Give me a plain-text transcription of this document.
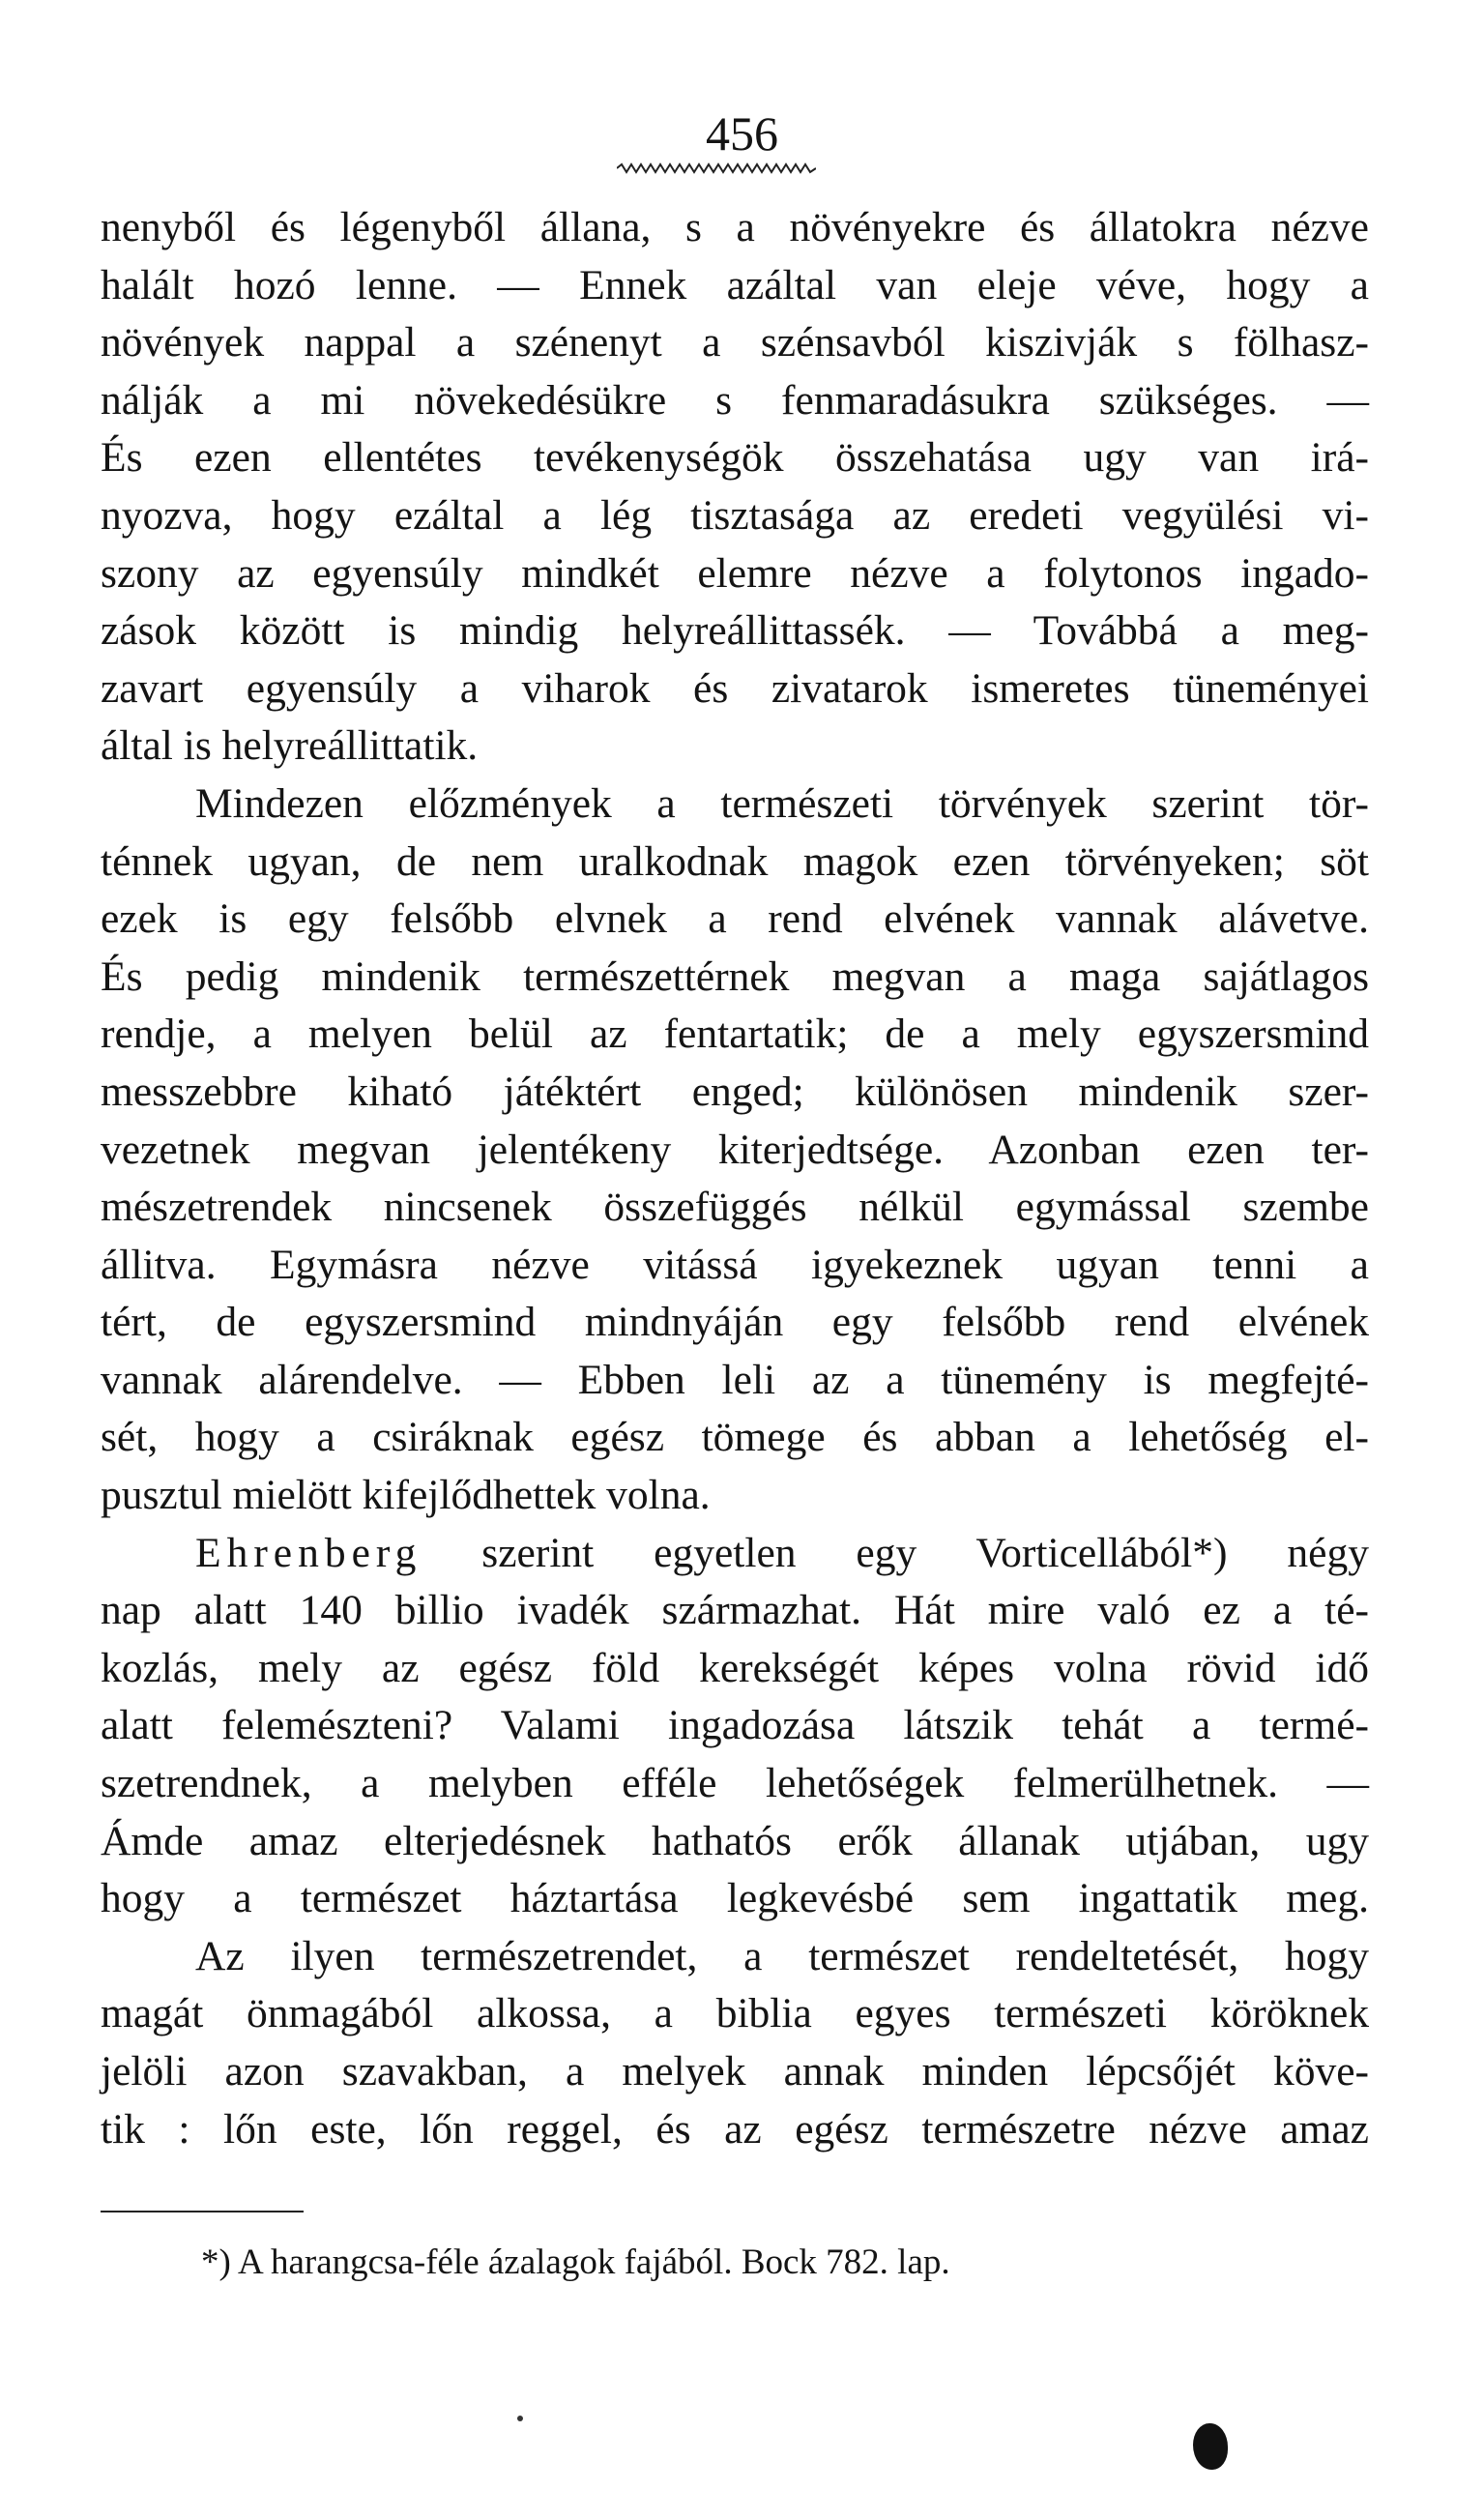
456
nenyből és légenyből állana, s a növényekre és állatokra nézve
halált hozó lenne. — Ennek azáltal van eleje véve, hogy a
növények nappal a szénenyt a szénsavból kiszivják s fölhasz-
nálják a mi növekedésükre s fenmaradásukra szükséges. —
És ezen ellentétes tevékenységök összehatása ugy van irá-
nyozva, hogy ezáltal a lég tisztasága az eredeti vegyülési vi-
szony az egyensúly mindkét elemre nézve a folytonos ingado-
zások között is mindig helyreállittassék. — Továbbá a meg-
zavart egyensúly a viharok és zivatarok ismeretes tüneményei
által is helyreállittatik.
Mindezen előzmények a természeti törvények szerint tör-
ténnek ugyan, de nem uralkodnak magok ezen törvényeken; söt
ezek is egy felsőbb elvnek a rend elvének vannak alávetve.
És pedig mindenik természettérnek megvan a maga sajátlagos
rendje, a melyen belül az fentartatik; de a mely egyszersmind
messzebbre kiható játéktért enged; különösen mindenik szer-
vezetnek megvan jelentékeny kiterjedtsége. Azonban ezen ter-
mészetrendek nincsenek összefüggés nélkül egymással szembe
állitva. Egymásra nézve vitássá igyekeznek ugyan tenni a
tért, de egyszersmind mindnyáján egy felsőbb rend elvének
vannak alárendelve. — Ebben leli az a tünemény is megfejté-
sét, hogy a csiráknak egész tömege és abban a lehetőség el-
pusztul mielött kifejlődhettek volna.
Ehrenberg szerint egyetlen egy Vorticellából*) négy
nap alatt 140 billio ivadék származhat. Hát mire való ez a té-
kozlás, mely az egész föld kerekségét képes volna rövid idő
alatt felemészteni? Valami ingadozása látszik tehát a termé-
szetrendnek, a melyben efféle lehetőségek felmerülhetnek. —
Ámde amaz elterjedésnek hathatós erők állanak utjában, ugy
hogy a természet háztartása legkevésbé sem ingattatik meg.
Az ilyen természetrendet, a természet rendeltetését, hogy
magát önmagából alkossa, a biblia egyes természeti köröknek
jelöli azon szavakban, a melyek annak minden lépcsőjét köve-
tik : lőn este, lőn reggel, és az egész természetre nézve amaz
*) A harangcsa-féle ázalagok fajából. Bock 782. lap.
